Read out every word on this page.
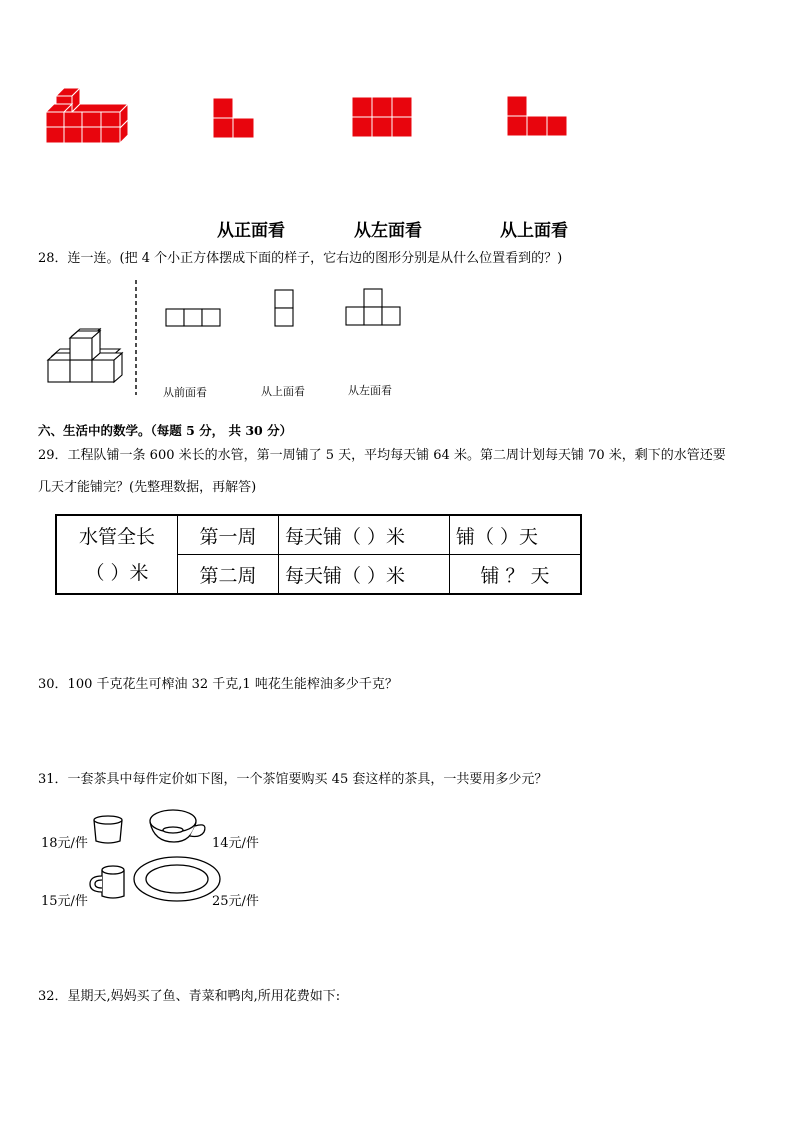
从正面看	从左面看	从上面看
28．连一连。(把 4 个小正方体摆成下面的样子，它右边的图形分别是从什么位置看到的？)
从前面看	从上面看	从左面看
六、生活中的数学。（每题 5 分， 共 30 分）
29．工程队铺一条 600 米长的水管，第一周铺了 5 天，平均每天铺 64 米。第二周计划每天铺 70 米，剩下的水管还要
几天才能铺完？(先整理数据，再解答)
水管全长
（ ）米	第一周	每天铺（ ）米	铺（ ）天
	第二周	每天铺（ ）米	铺 ？ 天
30．100 千克花生可榨油 32 千克,1 吨花生能榨油多少千克？
31．一套茶具中每件定价如下图，一个茶馆要购买 45 套这样的茶具，一共要用多少元？
18元/件	14元/件
15元/件	25元/件
32．星期天,妈妈买了鱼、青菜和鸭肉,所用花费如下:
